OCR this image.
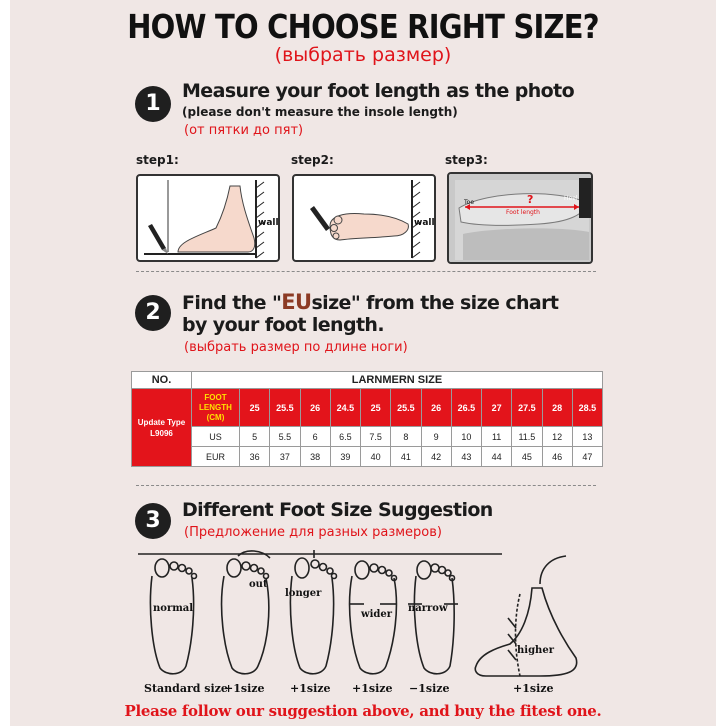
HOW TO CHOOSE RIGHT SIZE?
(выбрать размер)
1	Measure your foot length as the photo
(please don't measure the insole length)
(от пятки до пят)
step1:	step2:	step3:
wall	wall
?
Toe
Heel
Foot length
2	Find the "EUsize" from the size chart
by your foot length.
(выбрать размер по длине ноги)
NO.	LARNMERN SIZE												
Update Type L9096	FOOT LENGTH (CM)	25	25.5	26	24.5	25	25.5	26	26.5	27	27.5	28	28.5
	US	5	5.5	6	6.5	7.5	8	9	10	11	11.5	12	13
	EUR	36	37	38	39	40	41	42	43	44	45	46	47
3	Different Foot Size Suggestion
(Предложение для разных размеров)
normal
out
longer
wider
narrow
higher
Standard size
+1size +1size +1size −1size	+1size
Please follow our suggestion above, and buy the fitest one.
